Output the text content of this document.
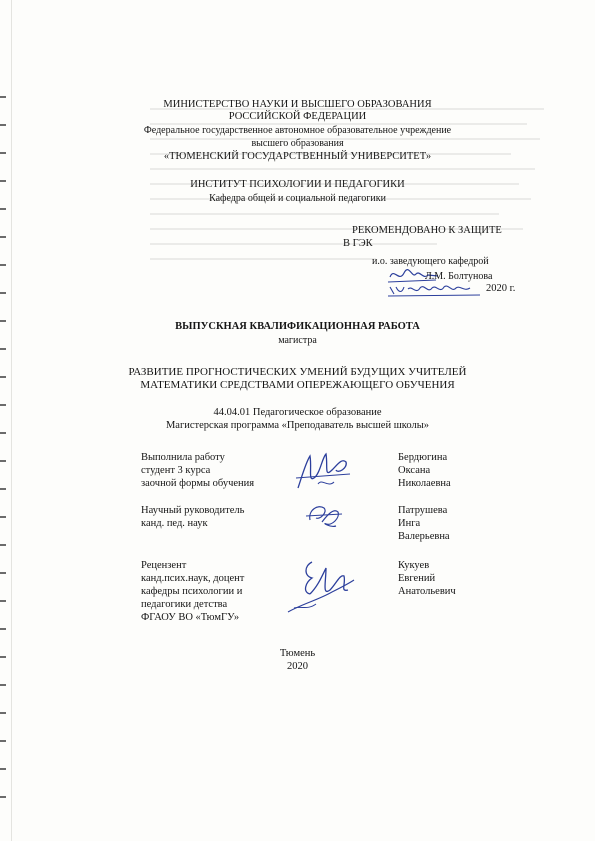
МИНИСТЕРСТВО НАУКИ И ВЫСШЕГО ОБРАЗОВАНИЯ
РОССИЙСКОЙ ФЕДЕРАЦИИ
Федеральное государственное автономное образовательное учреждение
высшего образования
«ТЮМЕНСКИЙ ГОСУДАРСТВЕННЫЙ УНИВЕРСИТЕТ»
ИНСТИТУТ ПСИХОЛОГИИ И ПЕДАГОГИКИ
Кафедра общей и социальной педагогики
РЕКОМЕНДОВАНО К ЗАЩИТЕ
В ГЭК
и.о. заведующего кафедрой
Л.М. Болтунова
2020 г.
ВЫПУСКНАЯ КВАЛИФИКАЦИОННАЯ РАБОТА
магистра
РАЗВИТИЕ ПРОГНОСТИЧЕСКИХ УМЕНИЙ БУДУЩИХ УЧИТЕЛЕЙ
МАТЕМАТИКИ СРЕДСТВАМИ ОПЕРЕЖАЮЩЕГО ОБУЧЕНИЯ
44.04.01 Педагогическое образование
Магистерская программа «Преподаватель высшей школы»
Выполнила работу
студент 3 курса
заочной формы обучения
Бердюгина
Оксана
Николаевна
Научный руководитель
канд. пед. наук
Патрушева
Инга
Валерьевна
Рецензент
канд.псих.наук, доцент
кафедры психологии и
педагогики детства
ФГАОУ ВО «ТюмГУ»
Кукуев
Евгений
Анатольевич
Тюмень
2020
